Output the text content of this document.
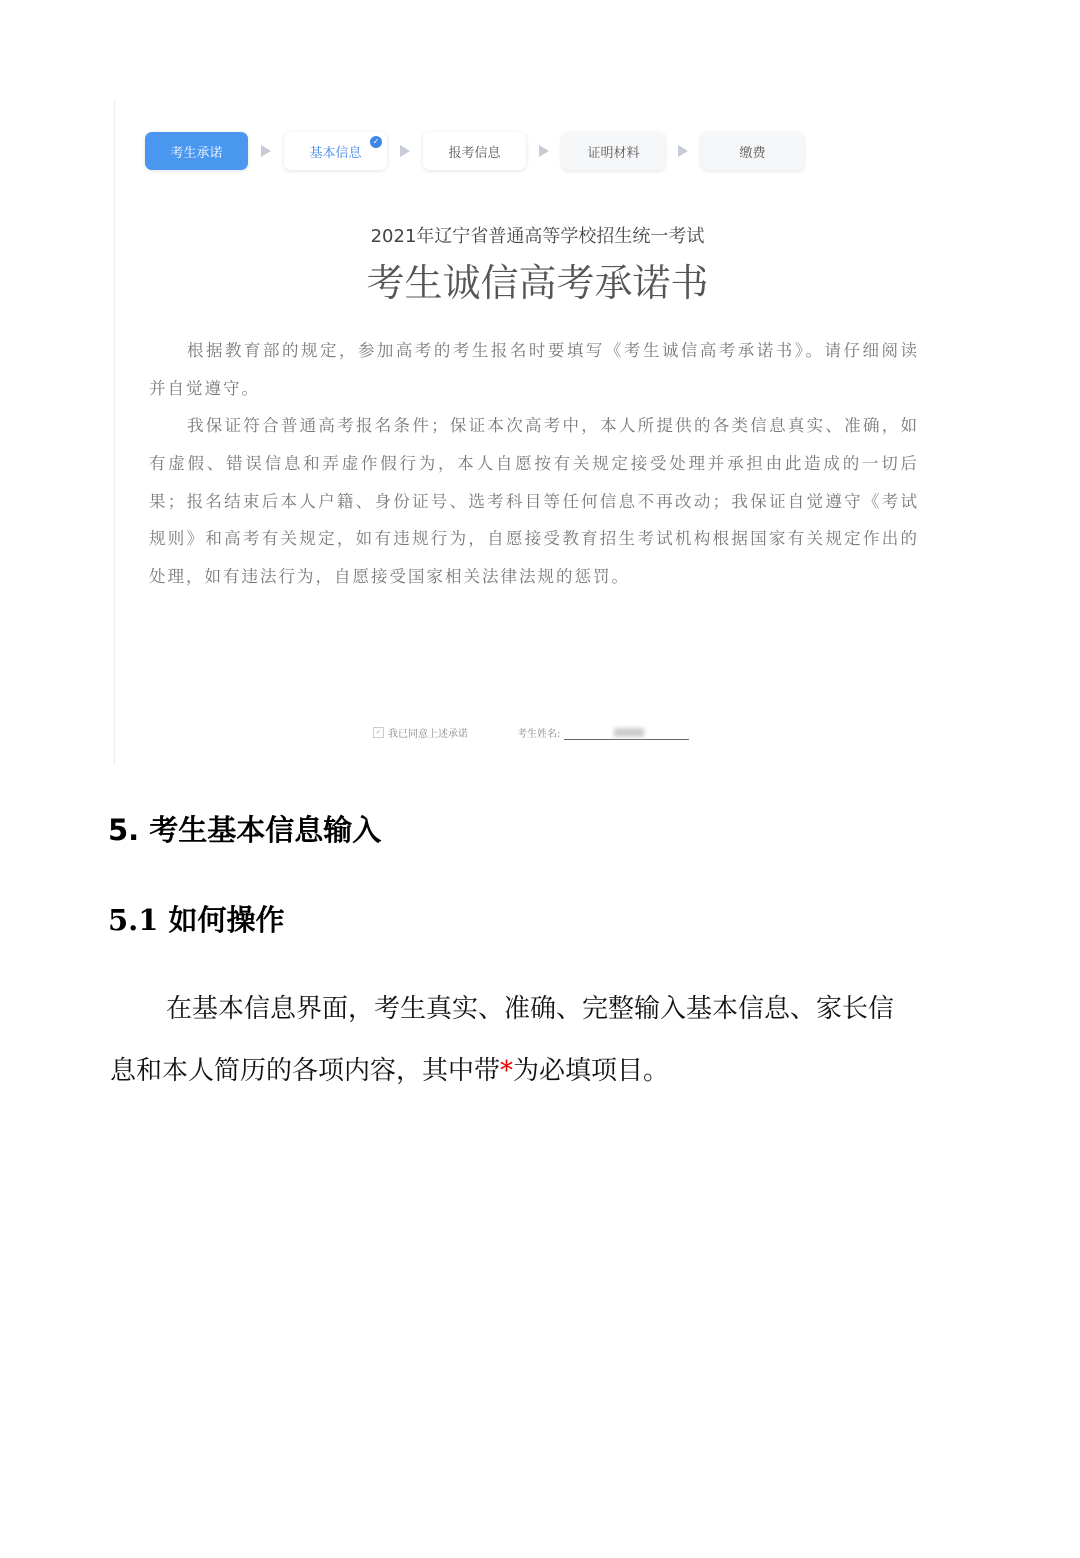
考生承诺	基本信息
✓
报考信息	证明材料	缴费
2021年辽宁省普通高等学校招生统一考试
考生诚信高考承诺书
根据教育部的规定，参加高考的考生报名时要填写《考生诚信高考承诺书》。请仔细阅读
并自觉遵守。
我保证符合普通高考报名条件；保证本次高考中，本人所提供的各类信息真实、准确，如
有虚假、错误信息和弄虚作假行为，本人自愿按有关规定接受处理并承担由此造成的一切后
果；报名结束后本人户籍、身份证号、选考科目等任何信息不再改动；我保证自觉遵守《考试
规则》和高考有关规定，如有违规行为，自愿接受教育招生考试机构根据国家有关规定作出的
处理，如有违法行为，自愿接受国家相关法律法规的惩罚。
✓ 我已同意上述承诺	考生姓名:
5. 考生基本信息输入
5.1 如何操作
在基本信息界面，考生真实、准确、完整输入基本信息、家长信
息和本人简历的各项内容，其中带*为必填项目。
